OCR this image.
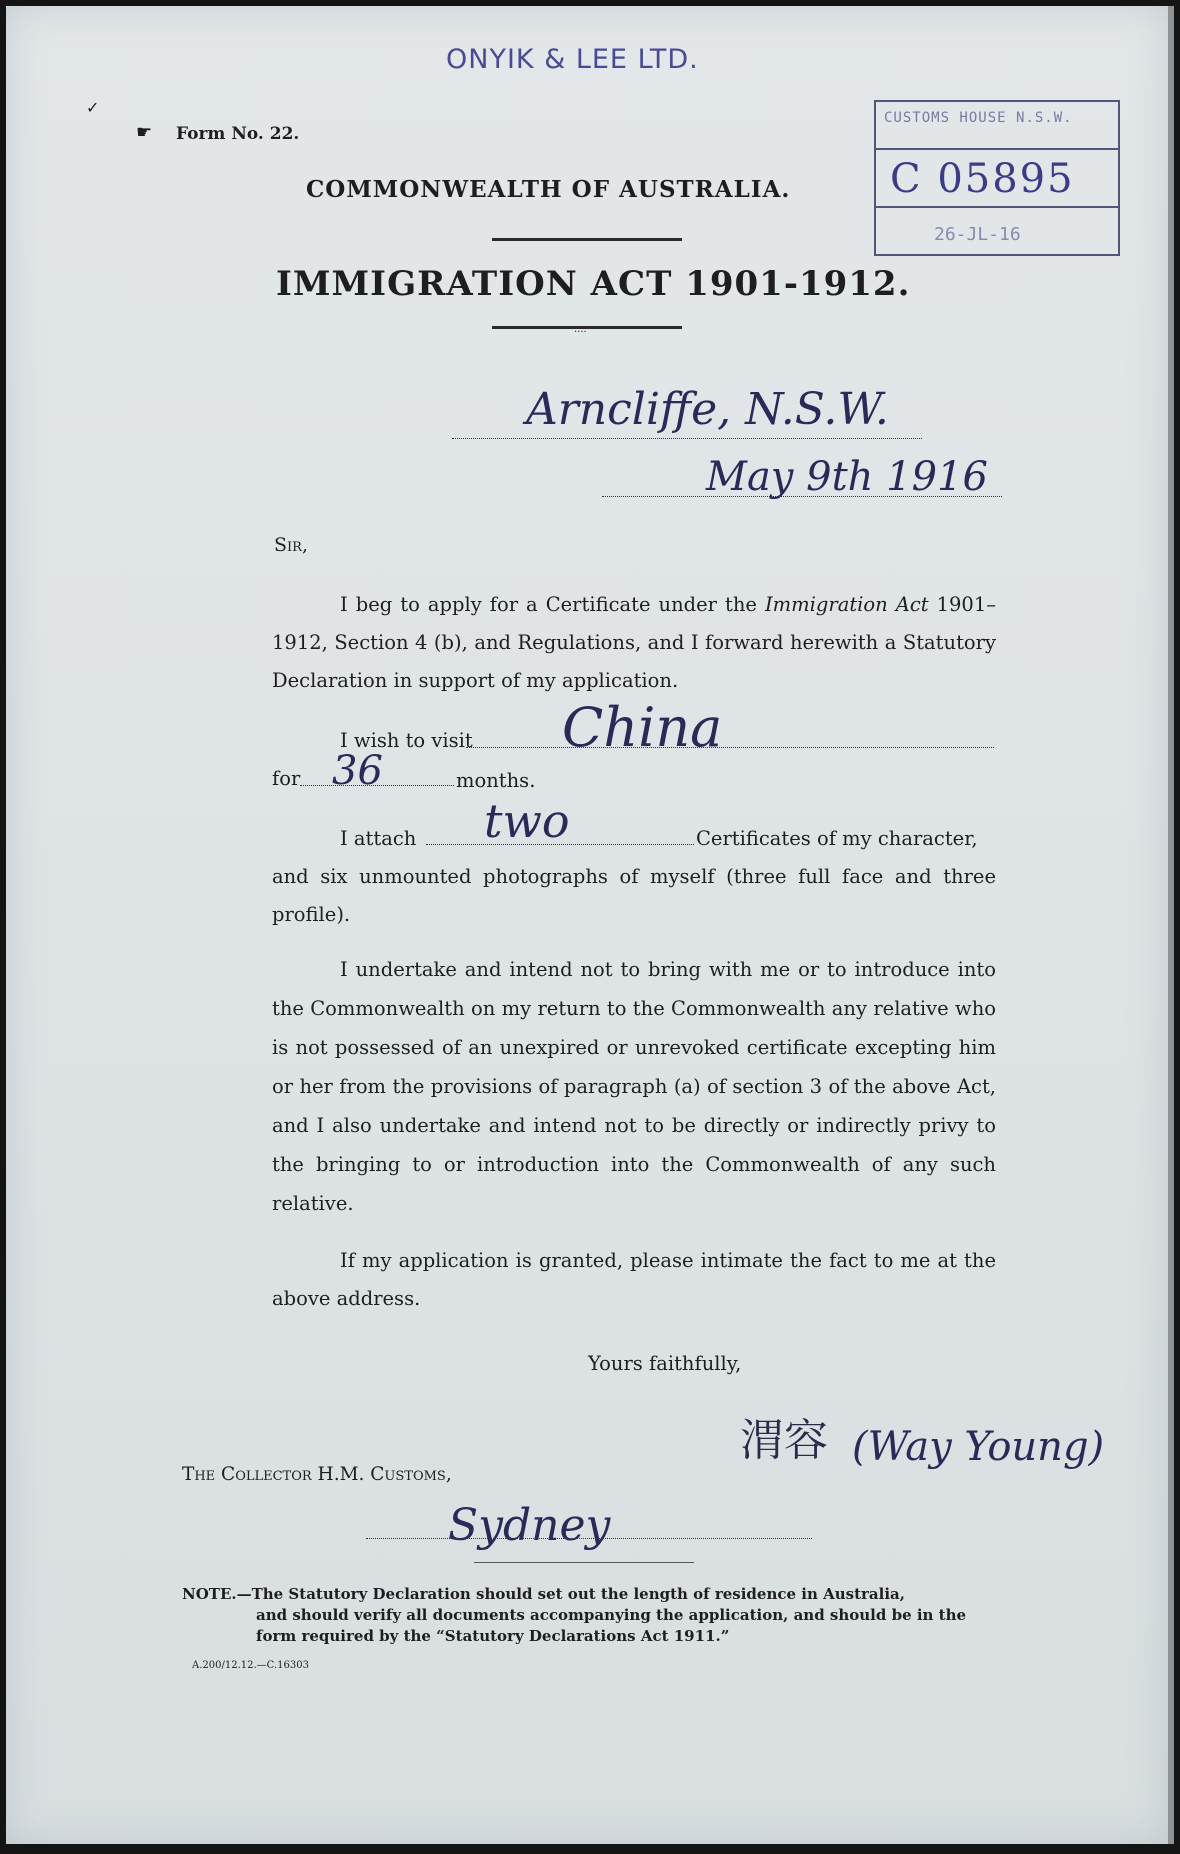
ONYIK & LEE LTD.
✓
☛ Form No. 22.
COMMONWEALTH OF AUSTRALIA.
IMMIGRATION ACT 1901-1912.
....
CUSTOMS HOUSE N.S.W.
C 05895
26-JL-16
Arncliffe, N.S.W.
May 9th 1916
Sir,
I beg to apply for a Certificate under the Immigration Act 1901–1912, Section 4 (b), and Regulations, and I forward herewith a Statutory Declaration in support of my application.
I wish to visit China
for 36	months.
I attach two	Certificates of my character,
and six unmounted photographs of myself (three full face and three profile).
I undertake and intend not to bring with me or to introduce into the Commonwealth on my return to the Commonwealth any relative who is not possessed of an unexpired or unrevoked certificate excepting him or her from the provisions of paragraph (a) of section 3 of the above Act, and I also undertake and intend not to be directly or indirectly privy to the bringing to or introduction into the Commonwealth of any such relative.
If my application is granted, please intimate the fact to me at the above address.
Yours faithfully,
渭容 (Way Young)
The Collector H.M. Customs,
Sydney
NOTE.—The Statutory Declaration should set out the length of residence in Australia,
and should verify all documents accompanying the application, and should be in the form required by the “Statutory Declarations Act 1911.”
A.200/12.12.—C.16303
